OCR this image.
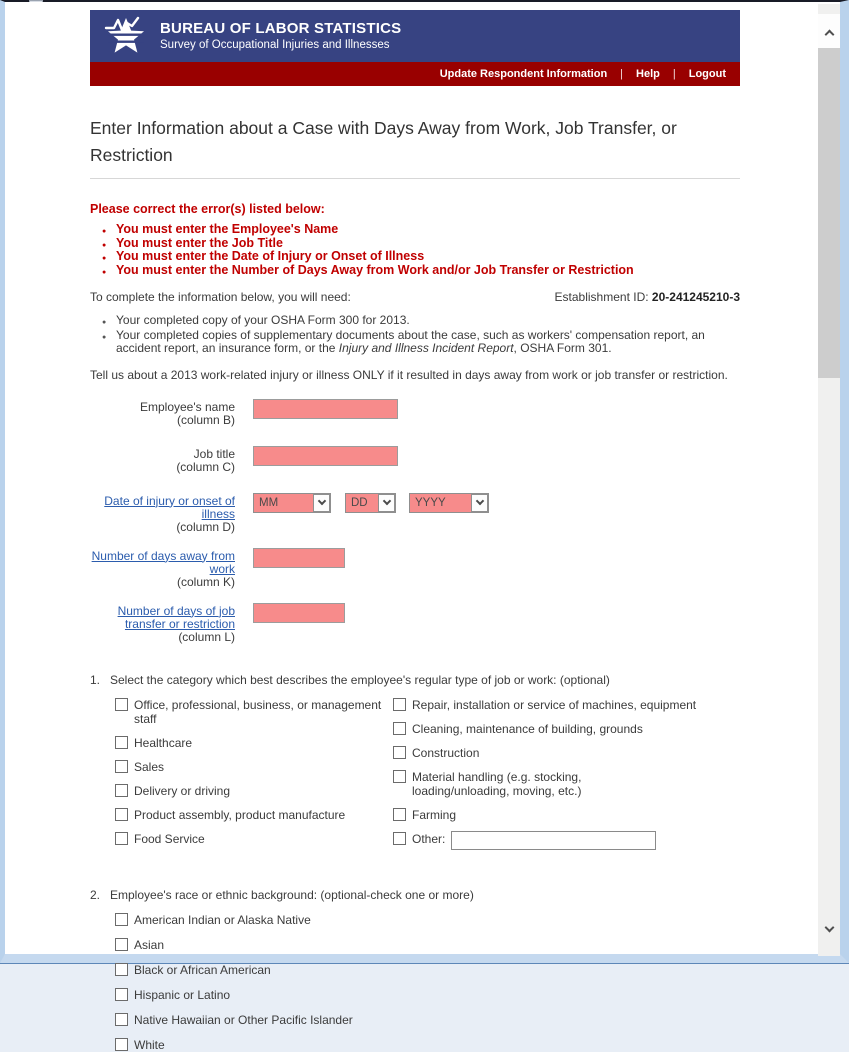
BUREAU OF LABOR STATISTICS
Survey of Occupational Injuries and Illnesses
Update Respondent Information | Help | Logout
Enter Information about a Case with Days Away from Work, Job Transfer, or Restriction
Please correct the error(s) listed below:
● You must enter the Employee's Name
● You must enter the Job Title
● You must enter the Date of Injury or Onset of Illness
● You must enter the Number of Days Away from Work and/or Job Transfer or Restriction
To complete the information below, you will need:	Establishment ID: 20-241245210-3
● Your completed copy of your OSHA Form 300 for 2013.
● Your completed copies of supplementary documents about the case, such as workers' compensation report, an accident report, an insurance form, or the Injury and Illness Incident Report, OSHA Form 301.

Tell us about a 2013 work-related injury or illness ONLY if it resulted in days away from work or job transfer or restriction.

Employee's name
(column B)
Job title
(column C)
Date of injury or onset of illness
(column D)
MM	DD	YYYY
Number of days away from work
(column K)
Number of days of job transfer or restriction
(column L)
1. Select the category which best describes the employee's regular type of job or work: (optional)
Office, professional, business, or management staff
Healthcare
Sales
Delivery or driving
Product assembly, product manufacture
Food Service
Repair, installation or service of machines, equipment
Cleaning, maintenance of building, grounds
Construction
Material handling (e.g. stocking, loading/unloading, moving, etc.)
Farming
Other:
2. Employee's race or ethnic background: (optional-check one or more)
American Indian or Alaska Native
Asian
Black or African American
Hispanic or Latino
Native Hawaiian or Other Pacific Islander
White
